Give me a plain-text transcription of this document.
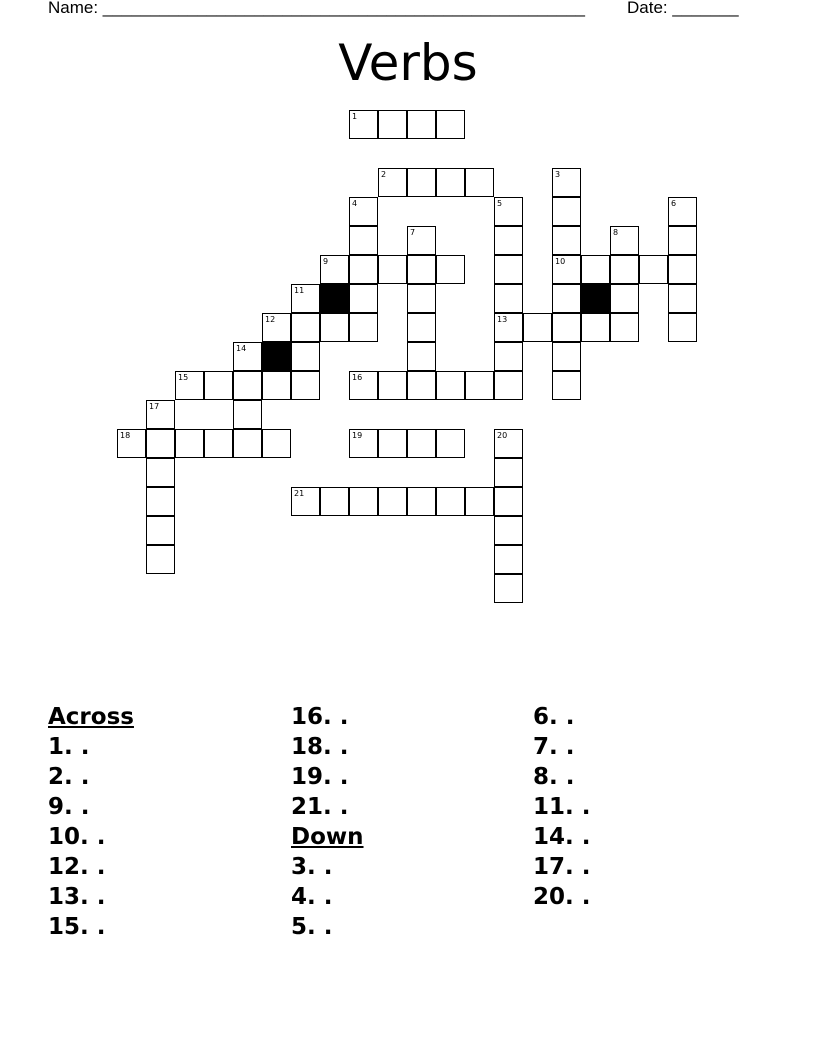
Name: ___________________________________________________ Date: _______
Verbs
1
2
9	10
12	13
15	16
18	19
21
3
4	5	6
7	8
11
14
17
20
Across
1. .
2. .
9. .
10. .
12. .
13. .
15. .
16. .
18. .
19. .
21. .
Down
3. .
4. .
5. .
6. .
7. .
8. .
11. .
14. .
17. .
20. .
